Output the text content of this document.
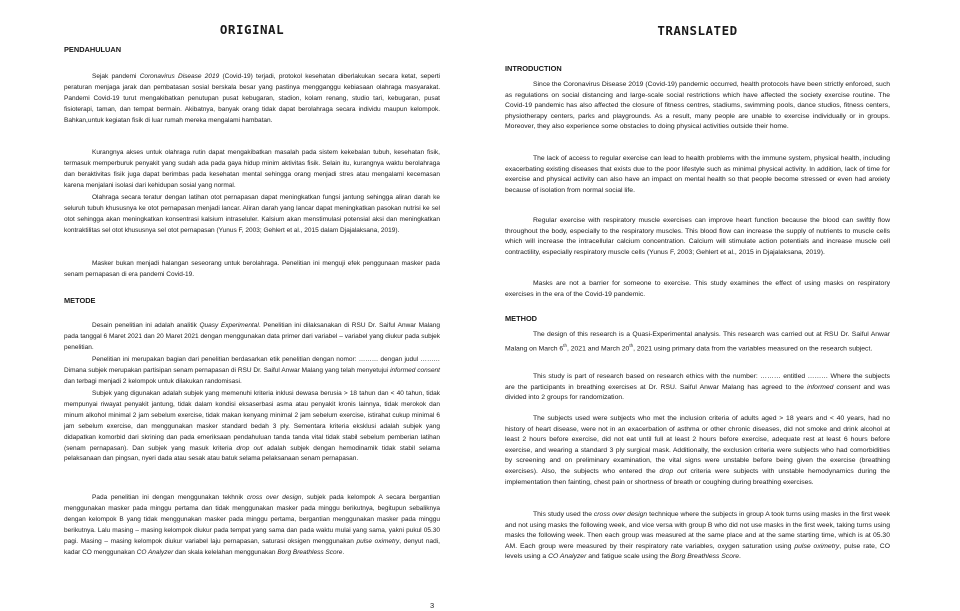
ORIGINAL
PENDAHULUAN

Sejak pandemi Coronavirus Disease 2019 (Covid-19) terjadi, protokol kesehatan diberlakukan secara ketat, seperti peraturan menjaga jarak dan pembatasan sosial berskala besar yang pastinya mengganggu kebiasaan olahraga masyarakat. Pandemi Covid-19 turut mengakibatkan penutupan pusat kebugaran, stadion, kolam renang, studio tari, kebugaran, pusat fisioterapi, taman, dan tempat bermain. Akibatnya, banyak orang tidak dapat berolahraga secara individu maupun kelompok. Bahkan,untuk kegiatan fisik di luar rumah mereka mengalami hambatan.

Kurangnya akses untuk olahraga rutin dapat mengakibatkan masalah pada sistem kekebalan tubuh, kesehatan fisik, termasuk memperburuk penyakit yang sudah ada pada gaya hidup minim aktivitas fisik. Selain itu, kurangnya waktu berolahraga dan beraktivitas fisik juga dapat berimbas pada kesehatan mental sehingga orang menjadi stres atau mengalami kecemasan karena menjalani isolasi dari kehidupan sosial yang normal.

Olahraga secara teratur dengan latihan otot pernapasan dapat meningkatkan fungsi jantung sehingga aliran darah ke seluruh tubuh khususnya ke otot pernapasan menjadi lancar. Aliran darah yang lancar dapat meningkatkan pasokan nutrisi ke sel otot sehingga akan meningkatkan konsentrasi kalsium intraseluler. Kalsium akan menstimulasi potensial aksi dan meningkatkan kontraktilitas sel otot khususnya sel otot pernapasan (Yunus F, 2003; Gehlert et al., 2015 dalam Djajalaksana, 2019).

Masker bukan menjadi halangan seseorang untuk berolahraga. Penelitian ini menguji efek penggunaan masker pada senam pernapasan di era pandemi Covid-19.

METODE

Desain penelitian ini adalah analitik Quasy Experimental. Penelitian ini dilaksanakan di RSU Dr. Saiful Anwar Malang pada tanggal 6 Maret 2021 dan 20 Maret 2021 dengan menggunakan data primer dari variabel – variabel yang diukur pada subjek penelitian.

Penelitian ini merupakan bagian dari penelitian berdasarkan etik penelitian dengan nomor: ……… dengan judul ……… Dimana subjek merupakan partisipan senam pernapasan di RSU Dr. Saiful Anwar Malang yang telah menyetujui informed consent dan terbagi menjadi 2 kelompok untuk dilakukan randomisasi.

Subjek yang digunakan adalah subjek yang memenuhi kriteria inklusi dewasa berusia > 18 tahun dan < 40 tahun, tidak mempunyai riwayat penyakit jantung, tidak dalam kondisi eksaserbasi asma atau penyakit kronis lainnya, tidak merokok dan minum alkohol minimal 2 jam sebelum exercise, tidak makan kenyang minimal 2 jam sebelum exercise, istirahat cukup minimal 6 jam sebelum exercise, dan menggunakan masker standard bedah 3 ply. Sementara kriteria eksklusi adalah subjek yang didapatkan komorbid dari skrining dan pada emeriksaan pendahuluan tanda tanda vital tidak stabil sebelum pemberian latihan (senam pernapasan). Dan subjek yang masuk kriteria drop out adalah subjek dengan hemodinamik tidak stabil selama pelaksanaan dan pingsan, nyeri dada atau sesak atau batuk selama pelaksanaan senam pernapasan.

Pada penelitian ini dengan menggunakan tekhnik cross over design, subjek pada kelompok A secara bergantian menggunakan masker pada minggu pertama dan tidak menggunakan masker pada minggu berikutnya, begitupun sebaliknya dengan kelompok B yang tidak menggunakan masker pada minggu pertama, bergantian menggunakan masker pada minggu berikutnya. Lalu masing – masing kelompok diukur pada tempat yang sama dan pada waktu mulai yang sama, yakni pukul 05.30 pagi. Masing – masing kelompok diukur variabel laju pernapasan, saturasi oksigen menggunakan pulse oximetry, denyut nadi, kadar CO menggunakan CO Analyzer dan skala kelelahan menggunakan Borg Breathless Score.

TRANSLATED
INTRODUCTION

Since the Coronavirus Disease 2019 (Covid-19) pandemic occurred, health protocols have been strictly enforced, such as regulations on social distancing and large-scale social restrictions which have affected the society exercise routine. The Covid-19 pandemic has also affected the closure of fitness centres, stadiums, swimming pools, dance studios, fitness centers, physiotherapy centers, parks and playgrounds. As a result, many people are unable to exercise individually or in groups. Moreover, they also experience some obstacles to doing physical activities outside their home.

The lack of access to regular exercise can lead to health problems with the immune system, physical health, including exacerbating existing diseases that exists due to the poor lifestyle such as minimal physical activity. In addition, lack of time for exercise and physical activity can also have an impact on mental health so that people become stressed or even had anxiety because of isolation from normal social life.

Regular exercise with respiratory muscle exercises can improve heart function because the blood can swiftly flow throughout the body, especially to the respiratory muscles. This blood flow can increase the supply of nutrients to muscle cells which will increase the intracellular calcium concentration. Calcium will stimulate action potentials and increase muscle cell contractility, especially respiratory muscle cells (Yunus F, 2003; Gehlert et al., 2015 in Djajalaksana, 2019).

Masks are not a barrier for someone to exercise. This study examines the effect of using masks on respiratory exercises in the era of the Covid-19 pandemic.

METHOD

The design of this research is a Quasi-Experimental analysis. This research was carried out at RSU Dr. Saiful Anwar Malang on March 6th, 2021 and March 20th, 2021 using primary data from the variables measured on the research subject.

This study is part of research based on research ethics with the number: ……… entitled ……… Where the subjects are the participants in breathing exercises at Dr. RSU. Saiful Anwar Malang has agreed to the informed consent and was divided into 2 groups for randomization.

The subjects used were subjects who met the inclusion criteria of adults aged > 18 years and < 40 years, had no history of heart disease, were not in an exacerbation of asthma or other chronic diseases, did not smoke and drink alcohol at least 2 hours before exercise, did not eat until full at least 2 hours before exercise, adequate rest at least 6 hours before exercise, and wearing a standard 3 ply surgical mask. Additionally, the exclusion criteria were subjects who had comorbidities by screening and on preliminary examination, the vital signs were unstable before being given the exercise (breathing exercises). Also, the subjects who entered the drop out criteria were subjects with unstable hemodynamics during the implementation then fainting, chest pain or shortness of breath or coughing during breathing exercises.

This study used the cross over design technique where the subjects in group A took turns using masks in the first week and not using masks the following week, and vice versa with group B who did not use masks in the first week, taking turns using masks the following week. Then each group was measured at the same place and at the same starting time, which is at 05.30 AM. Each group were measured by their respiratory rate variables, oxygen saturation using pulse oximetry, pulse rate, CO levels using a CO Analyzer and fatigue scale using the Borg Breathless Score.

3
